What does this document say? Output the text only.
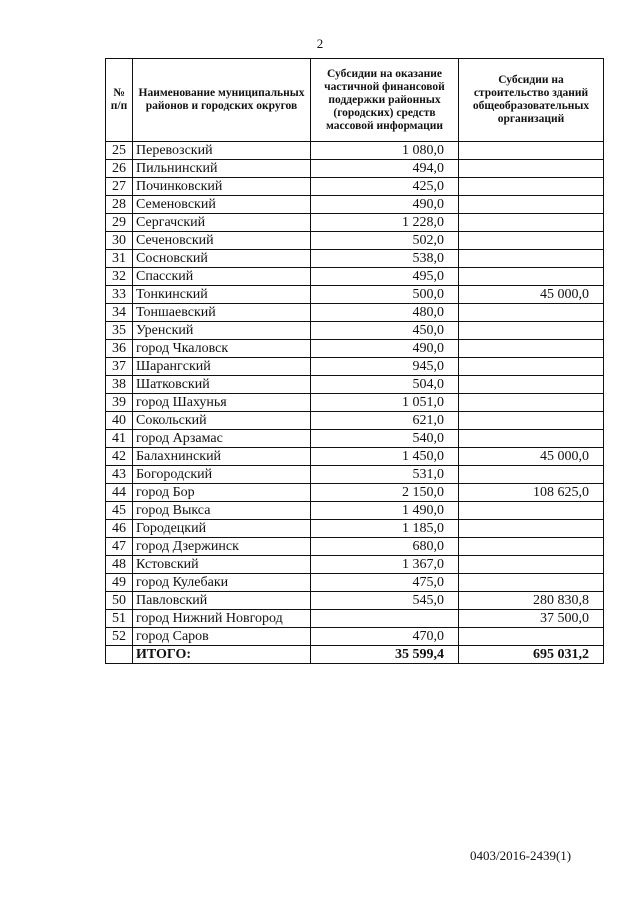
2
№ п/п	Наименование муниципальных районов и городских округов	Субсидии на оказание частичной финансовой поддержки районных (городских) средств массовой информации	Субсидии на строительство зданий общеобразовательных организаций
25	Перевозский	1 080,0	
26	Пильнинский	494,0	
27	Починковский	425,0	
28	Семеновский	490,0	
29	Сергачский	1 228,0	
30	Сеченовский	502,0	
31	Сосновский	538,0	
32	Спасский	495,0	
33	Тонкинский	500,0	45 000,0
34	Тоншаевский	480,0	
35	Уренский	450,0	
36	город Чкаловск	490,0	
37	Шарангский	945,0	
38	Шатковский	504,0	
39	город Шахунья	1 051,0	
40	Сокольский	621,0	
41	город Арзамас	540,0	
42	Балахнинский	1 450,0	45 000,0
43	Богородский	531,0	
44	город Бор	2 150,0	108 625,0
45	город Выкса	1 490,0	
46	Городецкий	1 185,0	
47	город Дзержинск	680,0	
48	Кстовский	1 367,0	
49	город Кулебаки	475,0	
50	Павловский	545,0	280 830,8
51	город Нижний Новгород		37 500,0
52	город Саров	470,0	
	ИТОГО:	35 599,4	695 031,2
0403/2016-2439(1)
